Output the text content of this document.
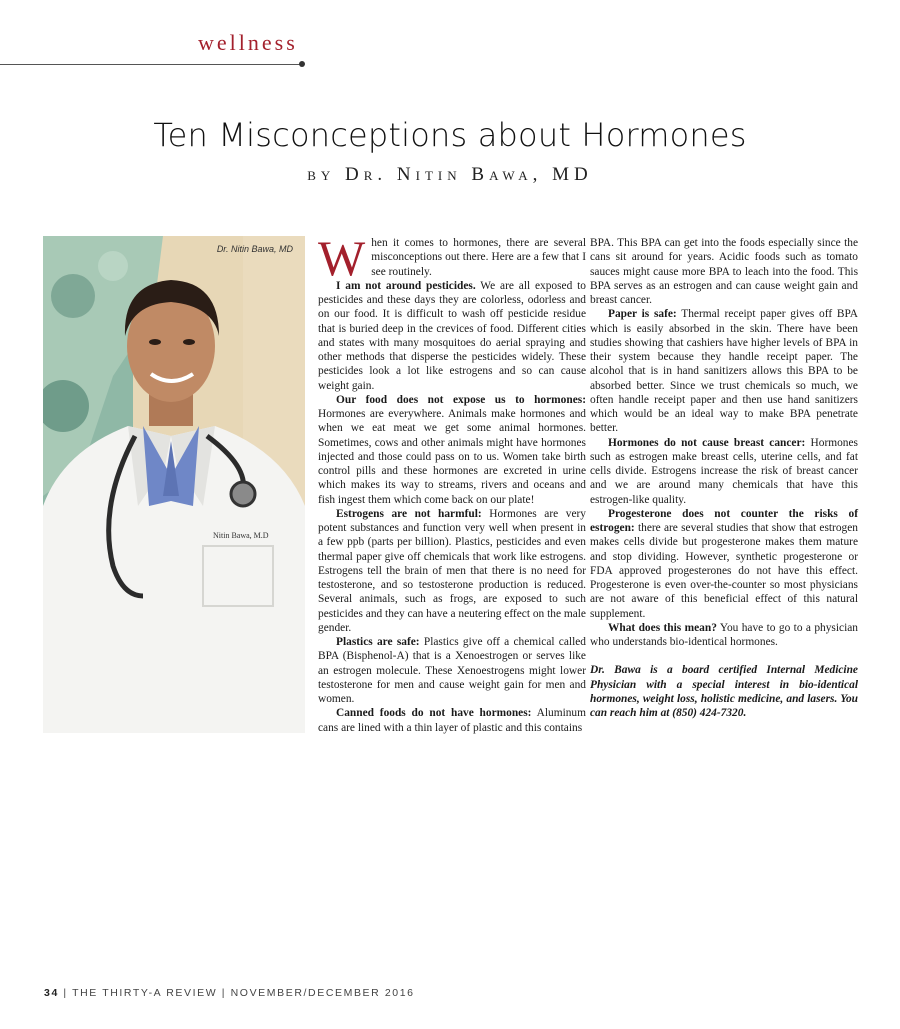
wellness
Ten Misconceptions about Hormones
by Dr. Nitin Bawa, MD
Nitin Bawa, M.D
Dr. Nitin Bawa, MD When it comes to hormones, there are several misconceptions out there. Here are a few that I see routinely.

I am not around pesticides. We are all exposed to pesticides and these days they are colorless, odorless and on our food. It is difficult to wash off pesticide residue that is buried deep in the crevices of food. Different cities and states with many mosquitoes do aerial spraying and other methods that disperse the pesticides widely. These pesticides look a lot like estrogens and so can cause weight gain.

Our food does not expose us to hormones: Hormones are everywhere. Animals make hormones and when we eat meat we get some animal hormones. Sometimes, cows and other animals might have hormones injected and those could pass on to us. Women take birth control pills and these hormones are excreted in urine which makes its way to streams, rivers and oceans and fish ingest them which come back on our plate!

Estrogens are not harmful: Hormones are very potent substances and function very well when present in a few ppb (parts per billion). Plastics, pesticides and even thermal paper give off chemicals that work like estrogens. Estrogens tell the brain of men that there is no need for testosterone, and so testosterone production is reduced. Several animals, such as frogs, are exposed to such pesticides and they can have a neutering effect on the male gender.

Plastics are safe: Plastics give off a chemical called BPA (Bisphenol-A) that is a Xenoestrogen or serves like an estrogen molecule. These Xenoestrogens might lower testosterone for men and cause weight gain for men and women.

Canned foods do not have hormones: Aluminum cans are lined with a thin layer of plastic and this contains

BPA. This BPA can get into the foods especially since the cans sit around for years. Acidic foods such as tomato sauces might cause more BPA to leach into the food. This BPA serves as an estrogen and can cause weight gain and breast cancer.

Paper is safe: Thermal receipt paper gives off BPA which is easily absorbed in the skin. There have been studies showing that cashiers have higher levels of BPA in their system because they handle receipt paper. The alcohol that is in hand sanitizers allows this BPA to be absorbed better. Since we trust chemicals so much, we often handle receipt paper and then use hand sanitizers which would be an ideal way to make BPA penetrate better.

Hormones do not cause breast cancer: Hormones such as estrogen make breast cells, uterine cells, and fat cells divide. Estrogens increase the risk of breast cancer and we are around many chemicals that have this estrogen-like quality.

Progesterone does not counter the risks of estrogen: there are several studies that show that estrogen makes cells divide but progesterone makes them mature and stop dividing. However, synthetic progesterone or FDA approved progesterones do not have this effect. Progesterone is even over-the-counter so most physicians are not aware of this beneficial effect of this natural supplement.

What does this mean? You have to go to a physician who understands bio-identical hormones.

Dr. Bawa is a board certified Internal Medicine Physician with a special interest in bio-identical hormones, weight loss, holistic medicine, and lasers. You can reach him at (850) 424-7320.

34 | THE THIRTY-A REVIEW | NOVEMBER/DECEMBER 2016
